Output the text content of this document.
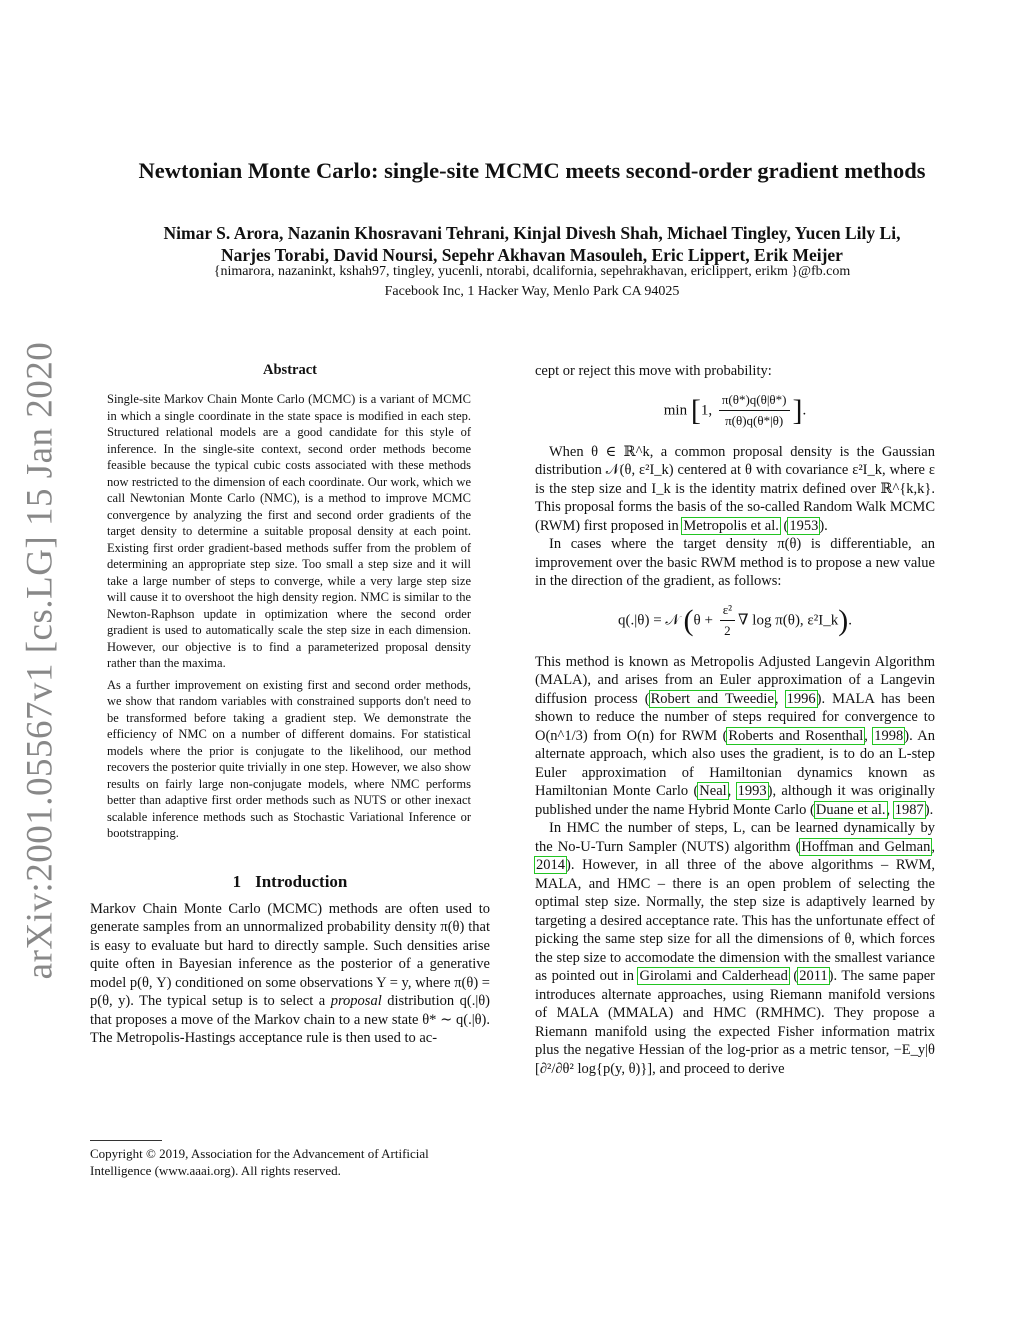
arXiv:2001.05567v1 [cs.LG] 15 Jan 2020
Newtonian Monte Carlo: single-site MCMC meets second-order gradient methods
Nimar S. Arora, Nazanin Khosravani Tehrani, Kinjal Divesh Shah, Michael Tingley, Yucen Lily Li,
Narjes Torabi, David Noursi, Sepehr Akhavan Masouleh, Eric Lippert, Erik Meijer
{nimarora, nazaninkt, kshah97, tingley, yucenli, ntorabi, dcalifornia, sepehrakhavan, ericlippert, erikm }@fb.com
Facebook Inc, 1 Hacker Way, Menlo Park CA 94025
Abstract

Single-site Markov Chain Monte Carlo (MCMC) is a variant of MCMC in which a single coordinate in the state space is modified in each step. Structured relational models are a good candidate for this style of inference. In the single-site context, second order methods become feasible because the typical cubic costs associated with these methods now restricted to the dimension of each coordinate. Our work, which we call Newtonian Monte Carlo (NMC), is a method to improve MCMC convergence by analyzing the first and second order gradients of the target density to determine a suitable proposal density at each point. Existing first order gradient-based methods suffer from the problem of determining an appropriate step size. Too small a step size and it will take a large number of steps to converge, while a very large step size will cause it to overshoot the high density region. NMC is similar to the Newton-Raphson update in optimization where the second order gradient is used to automatically scale the step size in each dimension. However, our objective is to find a parameterized proposal density rather than the maxima.

As a further improvement on existing first and second order methods, we show that random variables with constrained supports don't need to be transformed before taking a gradient step. We demonstrate the efficiency of NMC on a number of different domains. For statistical models where the prior is conjugate to the likelihood, our method recovers the posterior quite trivially in one step. However, we also show results on fairly large non-conjugate models, where NMC performs better than adaptive first order methods such as NUTS or other inexact scalable inference methods such as Stochastic Variational Inference or bootstrapping.

1 Introduction

Markov Chain Monte Carlo (MCMC) methods are often used to generate samples from an unnormalized probability density π(θ) that is easy to evaluate but hard to directly sample. Such densities arise quite often in Bayesian inference as the posterior of a generative model p(θ, Y) conditioned on some observations Y = y, where π(θ) = p(θ, y). The typical setup is to select a proposal distribution q(.|θ) that proposes a move of the Markov chain to a new state θ* ∼ q(.|θ). The Metropolis-Hastings acceptance rule is then used to ac-

Copyright © 2019, Association for the Advancement of Artificial Intelligence (www.aaai.org). All rights reserved.

cept or reject this move with probability:

min [1, $\frac{\pi(\theta*)q(\theta|\theta*)}{\pi(\theta)q(\theta*|\theta)}$ ].

When θ ∈ ℝ^k, a common proposal density is the Gaussian distribution 𝒩(θ, ε²I_k) centered at θ with covariance ε²I_k, where ε is the step size and I_k is the identity matrix defined over ℝ^{k,k}. This proposal forms the basis of the so-called Random Walk MCMC (RWM) first proposed in Metropolis et al. (1953).

In cases where the target density π(θ) is differentiable, an improvement over the basic RWM method is to propose a new value in the direction of the gradient, as follows:

q(.|θ) = 𝒩 ($\theta + \frac{\text{ε²}}{2}$ ∇ log π(θ), ε²I_k).

This method is known as Metropolis Adjusted Langevin Algorithm (MALA), and arises from an Euler approximation of a Langevin diffusion process (Robert and Tweedie, 1996). MALA has been shown to reduce the number of steps required for convergence to O(n^1/3) from O(n) for RWM (Roberts and Rosenthal, 1998). An alternate approach, which also uses the gradient, is to do an L-step Euler approximation of Hamiltonian dynamics known as Hamiltonian Monte Carlo (Neal, 1993), although it was originally published under the name Hybrid Monte Carlo (Duane et al., 1987).

In HMC the number of steps, L, can be learned dynamically by the No-U-Turn Sampler (NUTS) algorithm (Hoffman and Gelman, 2014). However, in all three of the above algorithms – RWM, MALA, and HMC – there is an open problem of selecting the optimal step size. Normally, the step size is adaptively learned by targeting a desired acceptance rate. This has the unfortunate effect of picking the same step size for all the dimensions of θ, which forces the step size to accomodate the dimension with the smallest variance as pointed out in Girolami and Calderhead (2011). The same paper introduces alternate approaches, using Riemann manifold versions of MALA (MMALA) and HMC (RMHMC). They propose a Riemann manifold using the expected Fisher information matrix plus the negative Hessian of the log-prior as a metric tensor, −E_y|θ [∂²/∂θ² log{p(y, θ)}], and proceed to derive
